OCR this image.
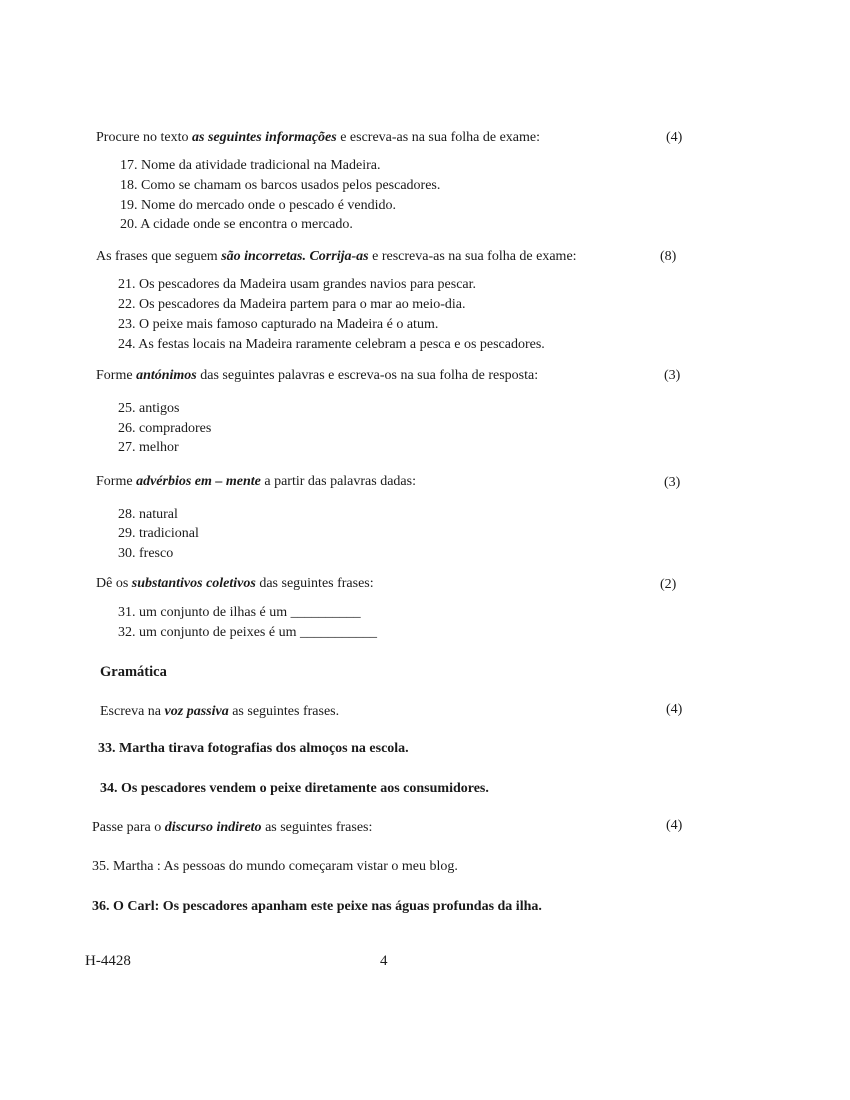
Procure no texto as seguintes informações e escreva-as na sua folha de exame:	(4)
17. Nome da atividade tradicional na Madeira.
18. Como se chamam os barcos usados pelos pescadores.
19. Nome do mercado onde o pescado é vendido.
20. A cidade onde se encontra o mercado.
As frases que seguem são incorretas. Corrija-as e rescreva-as na sua folha de exame:	(8)
21. Os pescadores da Madeira usam grandes navios para pescar.
22. Os pescadores da Madeira partem para o mar ao meio-dia.
23. O peixe mais famoso capturado na Madeira é o atum.
24. As festas locais na Madeira raramente celebram a pesca e os pescadores.
Forme antónimos das seguintes palavras e escreva-os na sua folha de resposta:	(3)
25. antigos
26. compradores
27. melhor
Forme advérbios em – mente a partir das palavras dadas:	(3)
28. natural
29. tradicional
30. fresco
Dê os substantivos coletivos das seguintes frases:	(2)
31. um conjunto de ilhas é um __________
32. um conjunto de peixes é um ___________
Gramática
Escreva na voz passiva as seguintes frases.	(4)
33. Martha tirava fotografias dos almoços na escola.
34. Os pescadores vendem o peixe diretamente aos consumidores.
Passe para o discurso indireto as seguintes frases:	(4)
35. Martha : As pessoas do mundo começaram vistar o meu blog.
36. O Carl: Os pescadores apanham este peixe nas águas profundas da ilha.
H-4428	4
